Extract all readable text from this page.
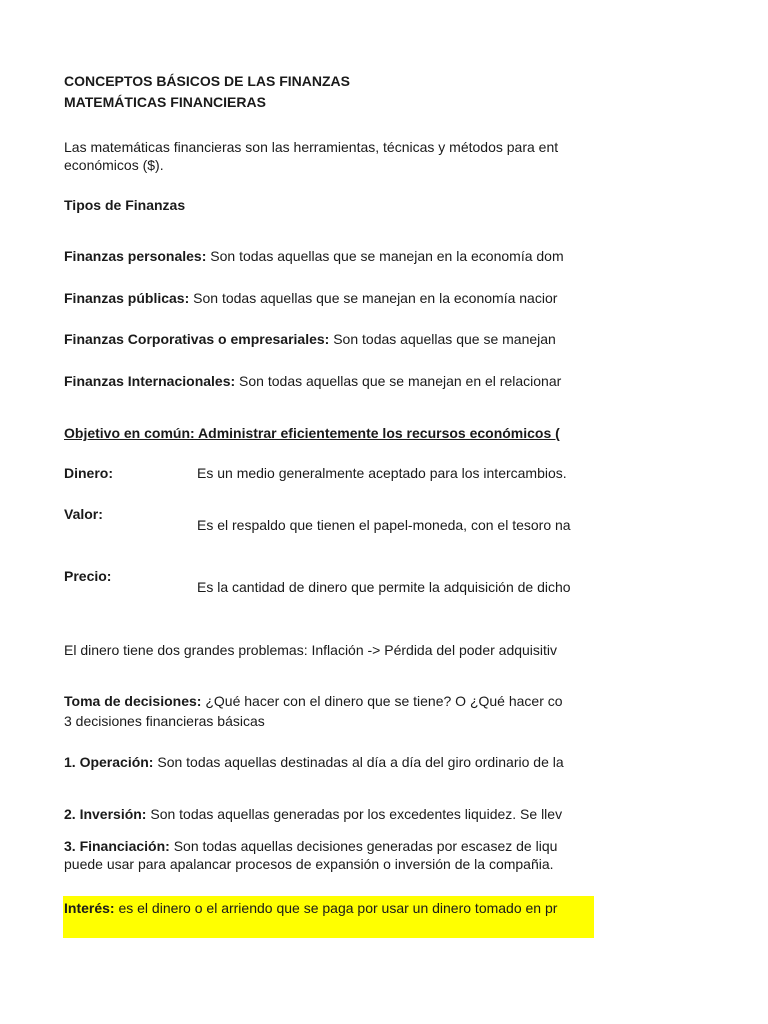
CONCEPTOS BÁSICOS DE LAS FINANZAS
MATEMÁTICAS FINANCIERAS
Las matemáticas financieras son las herramientas, técnicas y métodos para ent
económicos ($).
Tipos de Finanzas
Finanzas personales: Son todas aquellas que se manejan en la economía dom
Finanzas públicas: Son todas aquellas que se manejan en la economía nacior
Finanzas Corporativas o empresariales: Son todas aquellas que se manejan
Finanzas Internacionales: Son todas aquellas que se manejan en el relacionar
Objetivo en común: Administrar eficientemente los recursos económicos (
Dinero:	Es un medio generalmente aceptado para los intercambios.
Valor:
Es el respaldo que tienen el papel-moneda, con el tesoro na
Precio:
Es la cantidad de dinero que permite la adquisición de dicho
El dinero tiene dos grandes problemas: Inflación -> Pérdida del poder adquisitiv
Toma de decisiones: ¿Qué hacer con el dinero que se tiene? O ¿Qué hacer co
3 decisiones financieras básicas
1. Operación: Son todas aquellas destinadas al día a día del giro ordinario de la
2. Inversión: Son todas aquellas generadas por los excedentes liquidez. Se llev
3. Financiación: Son todas aquellas decisiones generadas por escasez de liqu
puede usar para apalancar procesos de expansión o inversión de la compañia.
Interés: es el dinero o el arriendo que se paga por usar un dinero tomado en pr
